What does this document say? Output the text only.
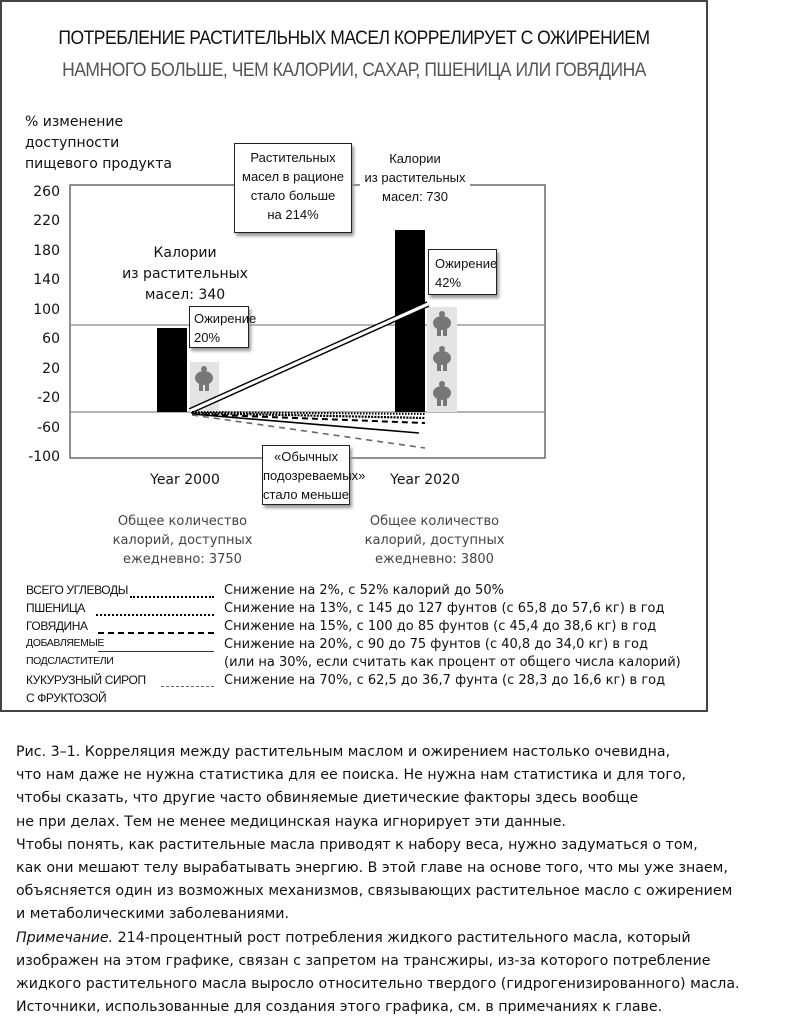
ПОТРЕБЛЕНИЕ РАСТИТЕЛЬНЫХ МАСЕЛ КОРРЕЛИРУЕТ С ОЖИРЕНИЕМ
НАМНОГО БОЛЬШЕ, ЧЕМ КАЛОРИИ, САХАР, ПШЕНИЦА ИЛИ ГОВЯДИНА
% изменение
доступности
пищевого продукта
260
220
180
140
100
60
20
-20
-60
-100
Растительных
масел в рационе
стало больше
на 214%
Калории
из растительных
масел: 730
Калории
из растительных
масел: 340
Ожирение
20%
Ожирение
42%
«Обычных
подозреваемых»
стало меньше
Year 2000	Year 2020
Общее количество
калорий, доступных
ежедневно: 3750
Общее количество
калорий, доступных
ежедневно: 3800
ВСЕГО УГЛЕВОДЫ	Снижение на 2%, с 52% калорий до 50%
ПШЕНИЦА	Снижение на 13%, с 145 до 127 фунтов (с 65,8 до 57,6 кг) в год
ГОВЯДИНА	Снижение на 15%, с 100 до 85 фунтов (с 45,4 до 38,6 кг) в год
ДОБАВЛЯЕМЫЕ	Снижение на 20%, с 90 до 75 фунтов (с 40,8 до 34,0 кг) в год
ПОДСЛАСТИТЕЛИ	(или на 30%, если считать как процент от общего числа калорий)
КУКУРУЗНЫЙ СИРОП	Снижение на 70%, с 62,5 до 36,7 фунта (с 28,3 до 16,6 кг) в год
С ФРУКТОЗОЙ

Рис. 3–1. Корреляция между растительным маслом и ожирением настолько очевидна,

что нам даже не нужна статистика для ее поиска. Не нужна нам статистика и для того,

чтобы сказать, что другие часто обвиняемые диетические факторы здесь вообще

не при делах. Тем не менее медицинская наука игнорирует эти данные.

Чтобы понять, как растительные масла приводят к набору веса, нужно задуматься о том,

как они мешают телу вырабатывать энергию. В этой главе на основе того, что мы уже знаем,

объясняется один из возможных механизмов, связывающих растительное масло с ожирением

и метаболическими заболеваниями.

Примечание. 214-процентный рост потребления жидкого растительного масла, который

изображен на этом графике, связан с запретом на трансжиры, из-за которого потребление

жидкого растительного масла выросло относительно твердого (гидрогенизированного) масла.

Источники, использованные для создания этого графика, см. в примечаниях к главе.
